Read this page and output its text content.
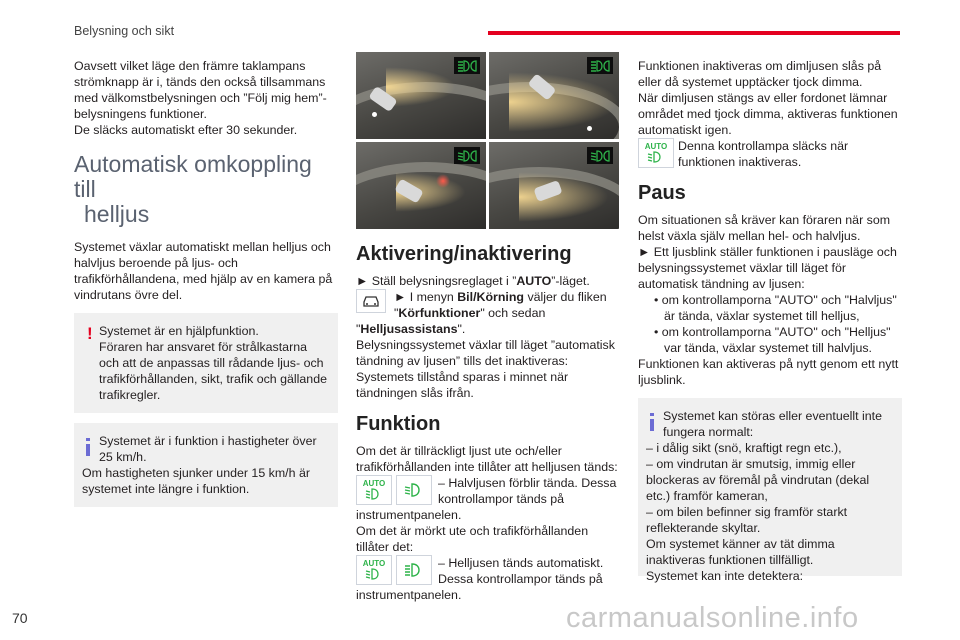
Belysning och sikt

Oavsett vilket läge den främre taklampans strömknapp är i, tänds den också tillsammans med välkomstbelysningen och ”Följ mig hem”-belysningens funktioner.

De släcks automatiskt efter 30 sekunder.

Automatisk omkoppling till
helljus

Systemet växlar automatiskt mellan helljus och halvljus beroende på ljus- och trafikförhållandena, med hjälp av en kamera på vindrutans övre del.

! Systemet är en hjälpfunktion.

Föraren har ansvaret för strålkastarna och att de anpassas till rådande ljus- och trafikförhållanden, sikt, trafik och gällande trafikregler.

Systemet är i funktion i hastigheter över 25 km/h.

Om hastigheten sjunker under 15 km/h är systemet inte längre i funktion.

Aktivering/inaktivering

► Ställ belysningsreglaget i ”AUTO”-läget.

► I menyn Bil/Körning väljer du fliken "Körfunktioner" och sedan

"Helljusassistans".

Belysningssystemet växlar till läget ”automatisk tändning av ljusen” tills det inaktiveras:

Systemets tillstånd sparas i minnet när tändningen slås ifrån.

Funktion

Om det är tillräckligt ljust ute och/eller trafikförhållanden inte tillåter att helljusen tänds:

AUTO	– Halvljusen förblir tända. Dessa kontrollampor tänds på

instrumentpanelen.

Om det är mörkt ute och trafikförhållanden tillåter det:

AUTO	– Helljusen tänds automatiskt. Dessa kontrollampor tänds på

instrumentpanelen.

Funktionen inaktiveras om dimljusen slås på eller då systemet upptäcker tjock dimma.

När dimljusen stängs av eller fordonet lämnar området med tjock dimma, aktiveras funktionen automatiskt igen.

AUTO Denna kontrollampa släcks när funktionen inaktiveras.

Paus

Om situationen så kräver kan föraren när som helst växla själv mellan hel- och halvljus.

► Ett ljusblink ställer funktionen i pausläge och belysningssystemet växlar till läget för automatisk tändning av ljusen:

• om kontrollamporna "AUTO" och "Halvljus" är tända, växlar systemet till helljus,

• om kontrollamporna "AUTO" och "Helljus" var tända, växlar systemet till halvljus.

Funktionen kan aktiveras på nytt genom ett nytt ljusblink.

Systemet kan störas eller eventuellt inte fungera normalt:

– i dålig sikt (snö, kraftigt regn etc.),

– om vindrutan är smutsig, immig eller blockeras av föremål på vindrutan (dekal etc.) framför kameran,

– om bilen befinner sig framför starkt reflekterande skyltar.

Om systemet känner av tät dimma inaktiveras funktionen tillfälligt.

Systemet kan inte detektera:

70	carmanualsonline.info
